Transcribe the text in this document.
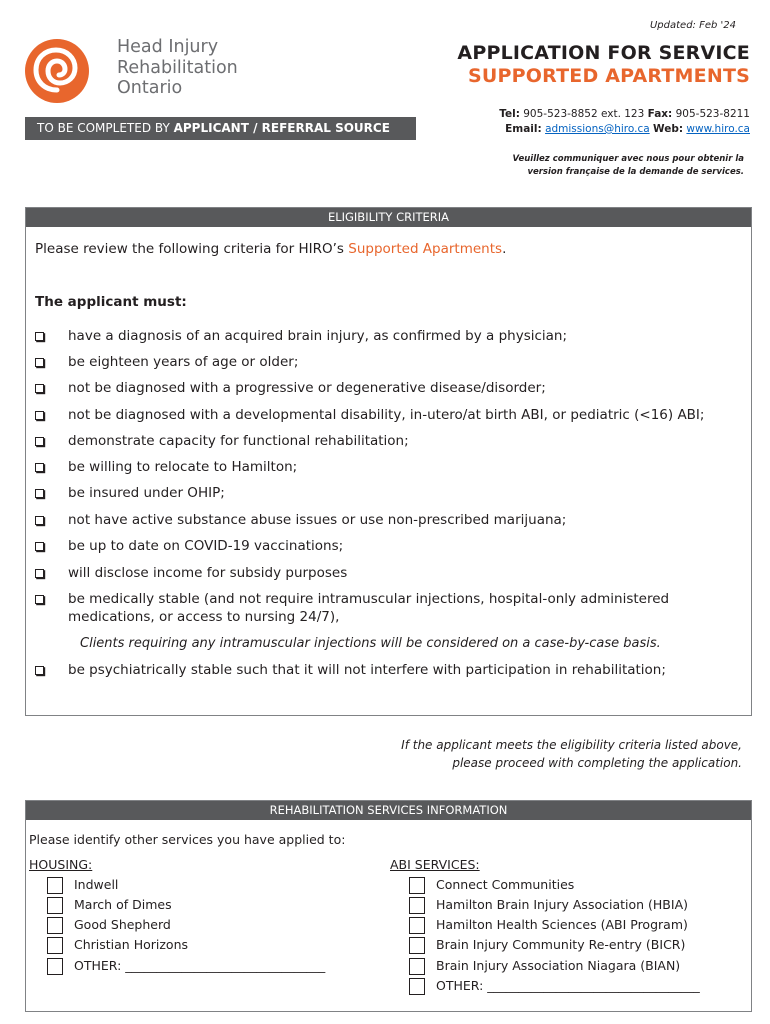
Updated: Feb '24
Head Injury
Rehabilitation
Ontario
APPLICATION FOR SERVICE
SUPPORTED APARTMENTS
Tel: 905-523-8852 ext. 123 Fax: 905-523-8211
Email: admissions@hiro.ca Web: www.hiro.ca
Veuillez communiquer avec nous pour obtenir la
version française de la demande de services.
TO BE COMPLETED BY APPLICANT / REFERRAL SOURCE
ELIGIBILITY CRITERIA
Please review the following criteria for HIRO’s Supported Apartments.
The applicant must:
have a diagnosis of an acquired brain injury, as confirmed by a physician;
be eighteen years of age or older;
not be diagnosed with a progressive or degenerative disease/disorder;
not be diagnosed with a developmental disability, in-utero/at birth ABI, or pediatric (<16) ABI;
demonstrate capacity for functional rehabilitation;
be willing to relocate to Hamilton;
be insured under OHIP;
not have active substance abuse issues or use non-prescribed marijuana;
be up to date on COVID-19 vaccinations;
will disclose income for subsidy purposes
be medically stable (and not require intramuscular injections, hospital-only administered
medications, or access to nursing 24/7),
Clients requiring any intramuscular injections will be considered on a case-by-case basis.
be psychiatrically stable such that it will not interfere with participation in rehabilitation;
If the applicant meets the eligibility criteria listed above,
please proceed with completing the application.
REHABILITATION SERVICES INFORMATION
Please identify other services you have applied to:
HOUSING:
Indwell
March of Dimes
Good Shepherd
Christian Horizons
OTHER: ________________________________
ABI SERVICES:
Connect Communities
Hamilton Brain Injury Association (HBIA)
Hamilton Health Sciences (ABI Program)
Brain Injury Community Re-entry (BICR)
Brain Injury Association Niagara (BIAN)
OTHER: __________________________________
